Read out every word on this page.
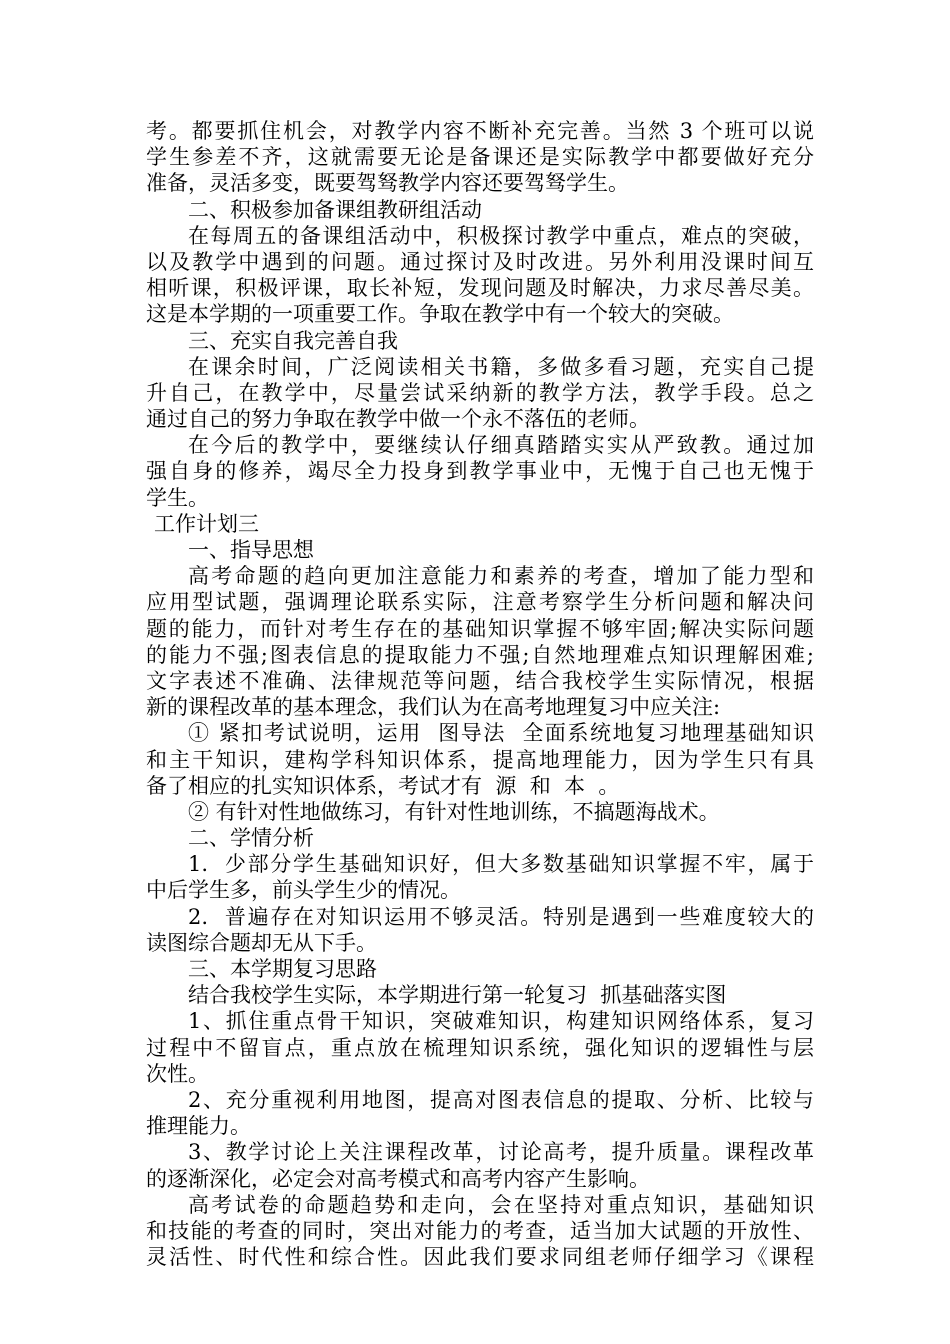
考。都要抓住机会，对教学内容不断补充完善。当然 3 个班可以说
学生参差不齐，这就需要无论是备课还是实际教学中都要做好充分
准备，灵活多变，既要驾驽教学内容还要驾驽学生。
二、积极参加备课组教研组活动
在每周五的备课组活动中，积极探讨教学中重点，难点的突破，
以及教学中遇到的问题。通过探讨及时改进。另外利用没课时间互
相听课，积极评课，取长补短，发现问题及时解决，力求尽善尽美。
这是本学期的一项重要工作。争取在教学中有一个较大的突破。
三、充实自我完善自我
在课余时间，广泛阅读相关书籍，多做多看习题，充实自己提
升自己，在教学中，尽量尝试采纳新的教学方法，教学手段。总之
通过自己的努力争取在教学中做一个永不落伍的老师。
在今后的教学中，要继续认仔细真踏踏实实从严致教。通过加
强自身的修养，竭尽全力投身到教学事业中，无愧于自己也无愧于
学生。
工作计划三
一、指导思想
高考命题的趋向更加注意能力和素养的考查，增加了能力型和
应用型试题，强调理论联系实际，注意考察学生分析问题和解决问
题的能力，而针对考生存在的基础知识掌握不够牢固;解决实际问题
的能力不强;图表信息的提取能力不强;自然地理难点知识理解困难;
文字表述不准确、法律规范等问题，结合我校学生实际情况，根据
新的课程改革的基本理念，我们认为在高考地理复习中应关注:
① 紧扣考试说明，运用  图导法  全面系统地复习地理基础知识
和主干知识，建构学科知识体系，提高地理能力，因为学生只有具
备了相应的扎实知识体系，考试才有  源  和  本  。
② 有针对性地做练习，有针对性地训练，不搞题海战术。
二、学情分析
1.  少部分学生基础知识好，但大多数基础知识掌握不牢，属于
中后学生多，前头学生少的情况。
2.  普遍存在对知识运用不够灵活。特别是遇到一些难度较大的
读图综合题却无从下手。
三、本学期复习思路
结合我校学生实际，本学期进行第一轮复习  抓基础落实图
1、抓住重点骨干知识，突破难知识，构建知识网络体系，复习
过程中不留盲点，重点放在梳理知识系统，强化知识的逻辑性与层
次性。
2、充分重视利用地图，提高对图表信息的提取、分析、比较与
推理能力。
3、教学讨论上关注课程改革，讨论高考，提升质量。课程改革
的逐渐深化，必定会对高考模式和高考内容产生影响。
高考试卷的命题趋势和走向，会在坚持对重点知识，基础知识
和技能的考查的同时，突出对能力的考查，适当加大试题的开放性、
灵活性、时代性和综合性。因此我们要求同组老师仔细学习《课程
